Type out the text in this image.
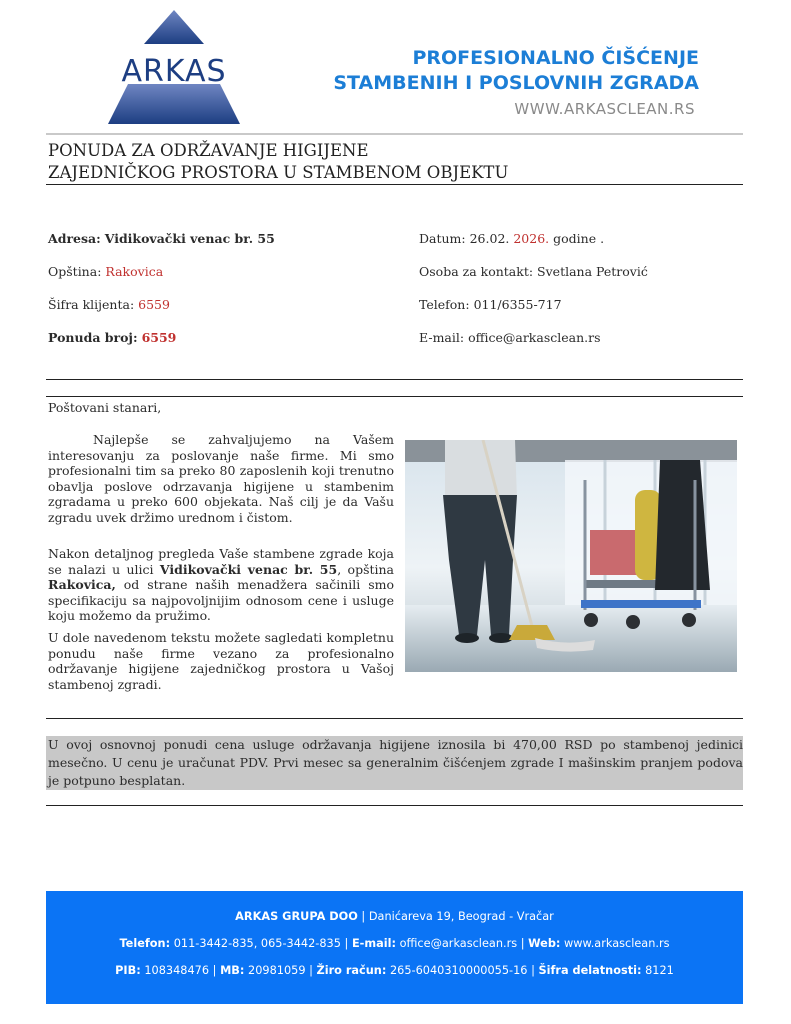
ARKAS	PROFESIONALNO ČIŠĆENJE
STAMBENIH I POSLOVNIH ZGRADA
WWW.ARKASCLEAN.RS
PONUDA ZA ODRŽAVANJE HIGIJENE
ZAJEDNIČKOG PROSTORA U STAMBENOM OBJEKTU
Adresa: Vidikovački venac br. 55
Opština: Rakovica
Šifra klijenta: 6559
Ponuda broj: 6559
Datum: 26.02. 2026. godine .
Osoba za kontakt: Svetlana Petrović
Telefon: 011/6355-717
E-mail: office@arkasclean.rs
Poštovani stanari,
Najlepše se zahvaljujemo na Vašem interesovanju za poslovanje naše firme. Mi smo profesionalni tim sa preko 80 zaposlenih koji trenutno obavlja poslove odrzavanja higijene u stambenim zgradama u preko 600 objekata. Naš cilj je da Vašu zgradu uvek držimo urednom i čistom.
Nakon detaljnog pregleda Vaše stambene zgrade koja se nalazi u ulici Vidikovački venac br. 55, opština Rakovica, od strane naših menadžera sačinili smo specifikaciju sa najpovoljnijim odnosom cene i usluge koju možemo da pružimo.
U dole navedenom tekstu možete sagledati kompletnu ponudu naše firme vezano za profesionalno održavanje higijene zajedničkog prostora u Vašoj stambenoj zgradi.
U ovoj osnovnoj ponudi cena usluge održavanja higijene iznosila bi 470,00 RSD po stambenoj jedinici mesečno. U cenu je uračunat PDV. Prvi mesec sa generalnim čišćenjem zgrade I mašinskim pranjem podova je potpuno besplatan.
ARKAS GRUPA DOO | Danićareva 19, Beograd - Vračar
Telefon: 011-3442-835, 065-3442-835 | E-mail: office@arkasclean.rs | Web: www.arkasclean.rs
PIB: 108348476 | MB: 20981059 | Žiro račun: 265-6040310000055-16 | Šifra delatnosti: 8121
